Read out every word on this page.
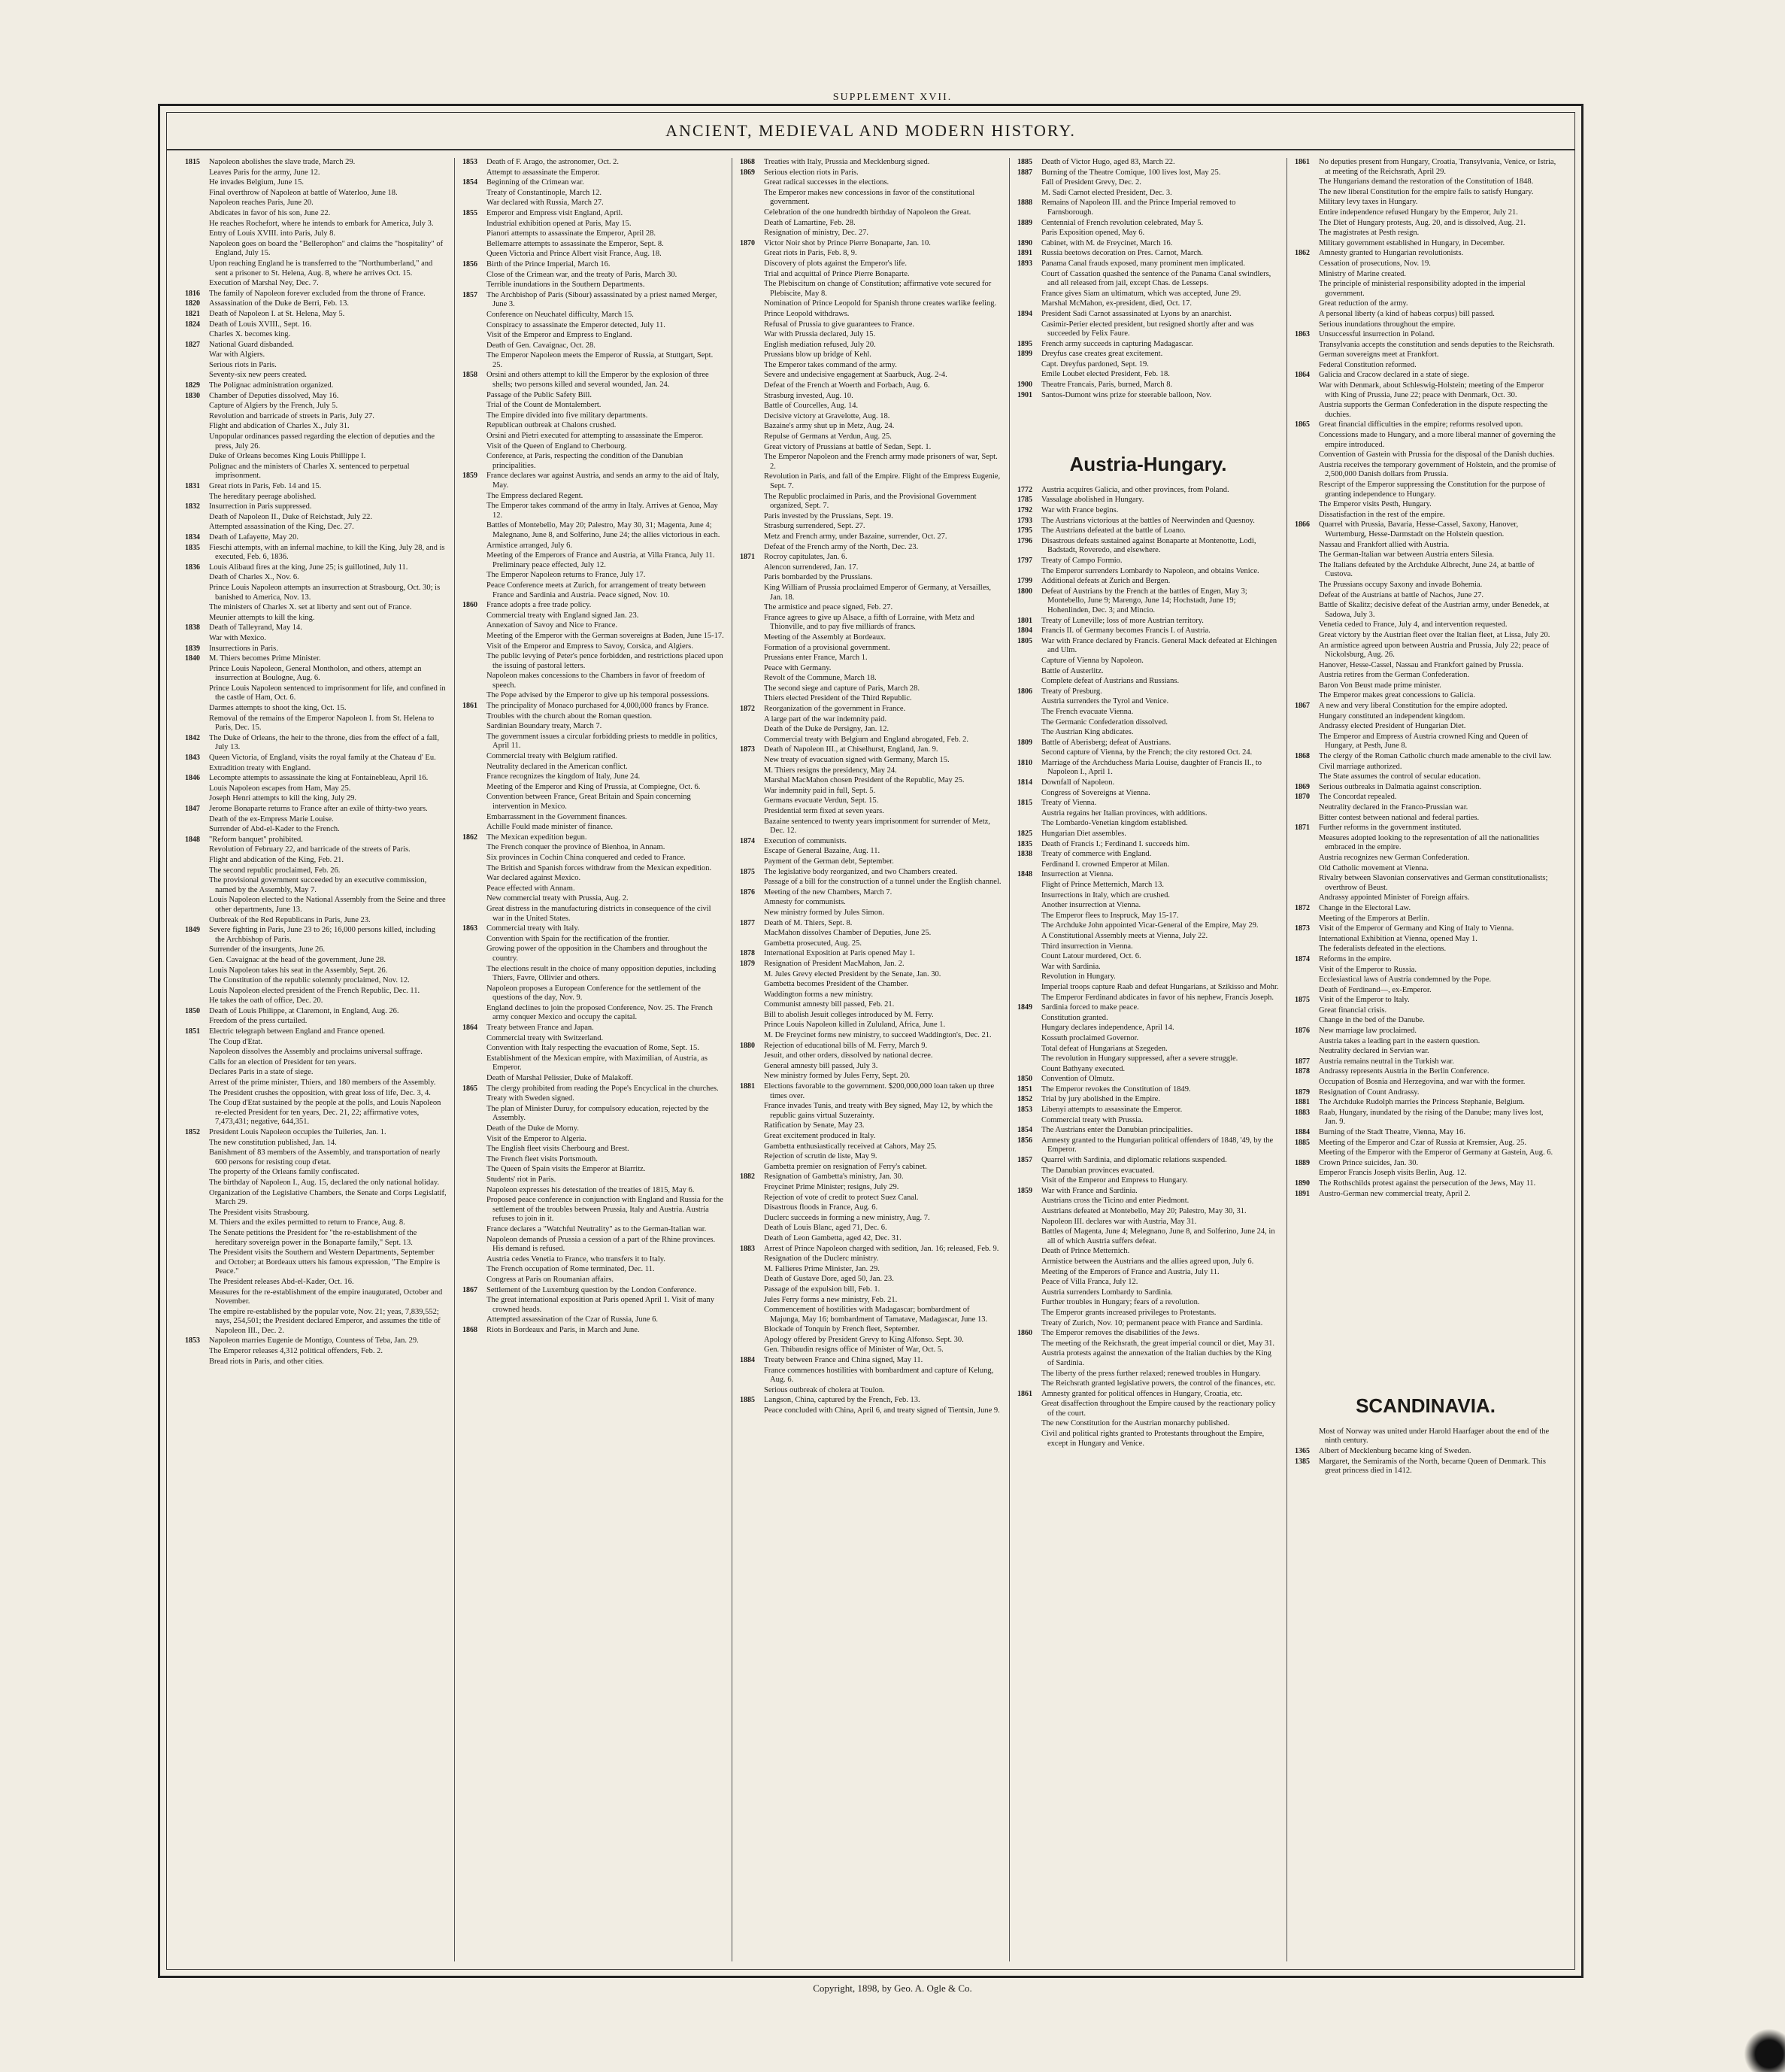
SUPPLEMENT XVII.
ANCIENT, MEDIEVAL AND MODERN HISTORY.
1815	Napoleon abolishes the slave trade, March 29.
Leaves Paris for the army, June 12.
He invades Belgium, June 15.
Final overthrow of Napoleon at battle of Waterloo, June 18.
Napoleon reaches Paris, June 20.
Abdicates in favor of his son, June 22.
He reaches Rochefort, where he intends to embark for America, July 3.
Entry of Louis XVIII. into Paris, July 8.
Napoleon goes on board the "Bellerophon" and claims the "hospitality" of England, July 15.
Upon reaching England he is transferred to the "Northumberland," and sent a prisoner to St. Helena, Aug. 8, where he arrives Oct. 15.
Execution of Marshal Ney, Dec. 7.
1816	The family of Napoleon forever excluded from the throne of France.
1820	Assassination of the Duke de Berri, Feb. 13.
1821	Death of Napoleon I. at St. Helena, May 5.
1824	Death of Louis XVIII., Sept. 16.
Charles X. becomes king.
1827	National Guard disbanded.
War with Algiers.
Serious riots in Paris.
Seventy-six new peers created.
1829	The Polignac administration organized.
1830	Chamber of Deputies dissolved, May 16.
Capture of Algiers by the French, July 5.
Revolution and barricade of streets in Paris, July 27.
Flight and abdication of Charles X., July 31.
Unpopular ordinances passed regarding the election of deputies and the press, July 26.
Duke of Orleans becomes King Louis Phillippe I.
Polignac and the ministers of Charles X. sentenced to perpetual imprisonment.
1831	Great riots in Paris, Feb. 14 and 15.
The hereditary peerage abolished.
1832	Insurrection in Paris suppressed.
Death of Napoleon II., Duke of Reichstadt, July 22.
Attempted assassination of the King, Dec. 27.
1834	Death of Lafayette, May 20.
1835	Fieschi attempts, with an infernal machine, to kill the King, July 28, and is executed, Feb. 6, 1836.
1836	Louis Alibaud fires at the king, June 25; is guillotined, July 11.
Death of Charles X., Nov. 6.
Prince Louis Napoleon attempts an insurrection at Strasbourg, Oct. 30; is banished to America, Nov. 13.
The ministers of Charles X. set at liberty and sent out of France.
Meunier attempts to kill the king.
1838	Death of Talleyrand, May 14.
War with Mexico.
1839	Insurrections in Paris.
1840	M. Thiers becomes Prime Minister.
Prince Louis Napoleon, General Montholon, and others, attempt an insurrection at Boulogne, Aug. 6.
Prince Louis Napoleon sentenced to imprisonment for life, and confined in the castle of Ham, Oct. 6.
Darmes attempts to shoot the king, Oct. 15.
Removal of the remains of the Emperor Napoleon I. from St. Helena to Paris, Dec. 15.
1842	The Duke of Orleans, the heir to the throne, dies from the effect of a fall, July 13.
1843	Queen Victoria, of England, visits the royal family at the Chateau d' Eu.
Extradition treaty with England.
1846	Lecompte attempts to assassinate the king at Fontainebleau, April 16.
Louis Napoleon escapes from Ham, May 25.
Joseph Henri attempts to kill the king, July 29.
1847	Jerome Bonaparte returns to France after an exile of thirty-two years.
Death of the ex-Empress Marie Louise.
Surrender of Abd-el-Kader to the French.
1848	"Reform banquet" prohibited.
Revolution of February 22, and barricade of the streets of Paris.
Flight and abdication of the King, Feb. 21.
The second republic proclaimed, Feb. 26.
The provisional government succeeded by an executive commission, named by the Assembly, May 7.
Louis Napoleon elected to the National Assembly from the Seine and three other departments, June 13.
Outbreak of the Red Republicans in Paris, June 23.
1849	Severe fighting in Paris, June 23 to 26; 16,000 persons killed, including the Archbishop of Paris.
Surrender of the insurgents, June 26.
Gen. Cavaignac at the head of the government, June 28.
Louis Napoleon takes his seat in the Assembly, Sept. 26.
The Constitution of the republic solemnly proclaimed, Nov. 12.
Louis Napoleon elected president of the French Republic, Dec. 11.
He takes the oath of office, Dec. 20.
1850	Death of Louis Philippe, at Claremont, in England, Aug. 26.
Freedom of the press curtailed.
1851	Electric telegraph between England and France opened.
The Coup d'Etat.
Napoleon dissolves the Assembly and proclaims universal suffrage.
Calls for an election of President for ten years.
Declares Paris in a state of siege.
Arrest of the prime minister, Thiers, and 180 members of the Assembly.
The President crushes the opposition, with great loss of life, Dec. 3, 4.
The Coup d'Etat sustained by the people at the polls, and Louis Napoleon re-elected President for ten years, Dec. 21, 22; affirmative votes, 7,473,431; negative, 644,351.
1852	President Louis Napoleon occupies the Tuileries, Jan. 1.
The new constitution published, Jan. 14.
Banishment of 83 members of the Assembly, and transportation of nearly 600 persons for resisting coup d'etat.
The property of the Orleans family confiscated.
The birthday of Napoleon I., Aug. 15, declared the only national holiday.
Organization of the Legislative Chambers, the Senate and Corps Legislatif, March 29.
The President visits Strasbourg.
M. Thiers and the exiles permitted to return to France, Aug. 8.
The Senate petitions the President for "the re-establishment of the hereditary sovereign power in the Bonaparte family," Sept. 13.
The President visits the Southern and Western Departments, September and October; at Bordeaux utters his famous expression, "The Empire is Peace."
The President releases Abd-el-Kader, Oct. 16.
Measures for the re-establishment of the empire inaugurated, October and November.
The empire re-established by the popular vote, Nov. 21; yeas, 7,839,552; nays, 254,501; the President declared Emperor, and assumes the title of Napoleon III., Dec. 2.
1853	Napoleon marries Eugenie de Montigo, Countess of Teba, Jan. 29.
The Emperor releases 4,312 political offenders, Feb. 2.
Bread riots in Paris, and other cities.
1853	Death of F. Arago, the astronomer, Oct. 2.
Attempt to assassinate the Emperor.
1854	Beginning of the Crimean war.
Treaty of Constantinople, March 12.
War declared with Russia, March 27.
1855	Emperor and Empress visit England, April.
Industrial exhibition opened at Paris, May 15.
Pianori attempts to assassinate the Emperor, April 28.
Bellemarre attempts to assassinate the Emperor, Sept. 8.
Queen Victoria and Prince Albert visit France, Aug. 18.
1856	Birth of the Prince Imperial, March 16.
Close of the Crimean war, and the treaty of Paris, March 30.
Terrible inundations in the Southern Departments.
1857	The Archbishop of Paris (Sibour) assassinated by a priest named Merger, June 3.
Conference on Neuchatel difficulty, March 15.
Conspiracy to assassinate the Emperor detected, July 11.
Visit of the Emperor and Empress to England.
Death of Gen. Cavaignac, Oct. 28.
The Emperor Napoleon meets the Emperor of Russia, at Stuttgart, Sept. 25.
1858	Orsini and others attempt to kill the Emperor by the explosion of three shells; two persons killed and several wounded, Jan. 24.
Passage of the Public Safety Bill.
Trial of the Count de Montalembert.
The Empire divided into five military departments.
Republican outbreak at Chalons crushed.
Orsini and Pietri executed for attempting to assassinate the Emperor.
Visit of the Queen of England to Cherbourg.
Conference, at Paris, respecting the condition of the Danubian principalities.
1859	France declares war against Austria, and sends an army to the aid of Italy, May.
The Empress declared Regent.
The Emperor takes command of the army in Italy. Arrives at Genoa, May 12.
Battles of Montebello, May 20; Palestro, May 30, 31; Magenta, June 4; Malegnano, June 8, and Solferino, June 24; the allies victorious in each.
Armistice arranged, July 6.
Meeting of the Emperors of France and Austria, at Villa Franca, July 11. Preliminary peace effected, July 12.
The Emperor Napoleon returns to France, July 17.
Peace Conference meets at Zurich, for arrangement of treaty between France and Sardinia and Austria. Peace signed, Nov. 10.
1860	France adopts a free trade policy.
Commercial treaty with England signed Jan. 23.
Annexation of Savoy and Nice to France.
Meeting of the Emperor with the German sovereigns at Baden, June 15-17.
Visit of the Emperor and Empress to Savoy, Corsica, and Algiers.
The public levying of Peter's pence forbidden, and restrictions placed upon the issuing of pastoral letters.
Napoleon makes concessions to the Chambers in favor of freedom of speech.
The Pope advised by the Emperor to give up his temporal possessions.
1861	The principality of Monaco purchased for 4,000,000 francs by France.
Troubles with the church about the Roman question.
Sardinian Boundary treaty, March 7.
The government issues a circular forbidding priests to meddle in politics, April 11.
Commercial treaty with Belgium ratified.
Neutrality declared in the American conflict.
France recognizes the kingdom of Italy, June 24.
Meeting of the Emperor and King of Prussia, at Compiegne, Oct. 6.
Convention between France, Great Britain and Spain concerning intervention in Mexico.
Embarrassment in the Government finances.
Achille Fould made minister of finance.
1862	The Mexican expedition begun.
The French conquer the province of Bienhoa, in Annam.
Six provinces in Cochin China conquered and ceded to France.
The British and Spanish forces withdraw from the Mexican expedition.
War declared against Mexico.
Peace effected with Annam.
New commercial treaty with Prussia, Aug. 2.
Great distress in the manufacturing districts in consequence of the civil war in the United States.
1863	Commercial treaty with Italy.
Convention with Spain for the rectification of the frontier.
Growing power of the opposition in the Chambers and throughout the country.
The elections result in the choice of many opposition deputies, including Thiers, Favre, Ollivier and others.
Napoleon proposes a European Conference for the settlement of the questions of the day, Nov. 9.
England declines to join the proposed Conference, Nov. 25. The French army conquer Mexico and occupy the capital.
1864	Treaty between France and Japan.
Commercial treaty with Switzerland.
Convention with Italy respecting the evacuation of Rome, Sept. 15.
Establishment of the Mexican empire, with Maximilian, of Austria, as Emperor.
Death of Marshal Pelissier, Duke of Malakoff.
1865	The clergy prohibited from reading the Pope's Encyclical in the churches.
Treaty with Sweden signed.
The plan of Minister Duruy, for compulsory education, rejected by the Assembly.
Death of the Duke de Morny.
Visit of the Emperor to Algeria.
The English fleet visits Cherbourg and Brest.
The French fleet visits Portsmouth.
The Queen of Spain visits the Emperor at Biarritz.
Students' riot in Paris.
Napoleon expresses his detestation of the treaties of 1815, May 6.
Proposed peace conference in conjunction with England and Russia for the settlement of the troubles between Prussia, Italy and Austria. Austria refuses to join in it.
France declares a "Watchful Neutrality" as to the German-Italian war.
Napoleon demands of Prussia a cession of a part of the Rhine provinces. His demand is refused.
Austria cedes Venetia to France, who transfers it to Italy.
The French occupation of Rome terminated, Dec. 11.
Congress at Paris on Roumanian affairs.
1867	Settlement of the Luxemburg question by the London Conference.
The great international exposition at Paris opened April 1. Visit of many crowned heads.
Attempted assassination of the Czar of Russia, June 6.
1868	Riots in Bordeaux and Paris, in March and June.
1868	Treaties with Italy, Prussia and Mecklenburg signed.
1869	Serious election riots in Paris.
Great radical successes in the elections.
The Emperor makes new concessions in favor of the constitutional government.
Celebration of the one hundredth birthday of Napoleon the Great.
Death of Lamartine, Feb. 28.
Resignation of ministry, Dec. 27.
1870	Victor Noir shot by Prince Pierre Bonaparte, Jan. 10.
Great riots in Paris, Feb. 8, 9.
Discovery of plots against the Emperor's life.
Trial and acquittal of Prince Pierre Bonaparte.
The Plebiscitum on change of Constitution; affirmative vote secured for Plebiscite, May 8.
Nomination of Prince Leopold for Spanish throne creates warlike feeling.
Prince Leopold withdraws.
Refusal of Prussia to give guarantees to France.
War with Prussia declared, July 15.
English mediation refused, July 20.
Prussians blow up bridge of Kehl.
The Emperor takes command of the army.
Severe and undecisive engagement at Saarbuck, Aug. 2-4.
Defeat of the French at Woerth and Forbach, Aug. 6.
Strasburg invested, Aug. 10.
Battle of Courcelles, Aug. 14.
Decisive victory at Gravelotte, Aug. 18.
Bazaine's army shut up in Metz, Aug. 24.
Repulse of Germans at Verdun, Aug. 25.
Great victory of Prussians at battle of Sedan, Sept. 1.
The Emperor Napoleon and the French army made prisoners of war, Sept. 2.
Revolution in Paris, and fall of the Empire. Flight of the Empress Eugenie, Sept. 7.
The Republic proclaimed in Paris, and the Provisional Government organized, Sept. 7.
Paris invested by the Prussians, Sept. 19.
Strasburg surrendered, Sept. 27.
Metz and French army, under Bazaine, surrender, Oct. 27.
Defeat of the French army of the North, Dec. 23.
1871	Rocroy capitulates, Jan. 6.
Alencon surrendered, Jan. 17.
Paris bombarded by the Prussians.
King William of Prussia proclaimed Emperor of Germany, at Versailles, Jan. 18.
The armistice and peace signed, Feb. 27.
France agrees to give up Alsace, a fifth of Lorraine, with Metz and Thionville, and to pay five milliards of francs.
Meeting of the Assembly at Bordeaux.
Formation of a provisional government.
Prussians enter France, March 1.
Peace with Germany.
Revolt of the Commune, March 18.
The second siege and capture of Paris, March 28.
Thiers elected President of the Third Republic.
1872	Reorganization of the government in France.
A large part of the war indemnity paid.
Death of the Duke de Persigny, Jan. 12.
Commercial treaty with Belgium and England abrogated, Feb. 2.
1873	Death of Napoleon III., at Chiselhurst, England, Jan. 9.
New treaty of evacuation signed with Germany, March 15.
M. Thiers resigns the presidency, May 24.
Marshal MacMahon chosen President of the Republic, May 25.
War indemnity paid in full, Sept. 5.
Germans evacuate Verdun, Sept. 15.
Presidential term fixed at seven years.
Bazaine sentenced to twenty years imprisonment for surrender of Metz, Dec. 12.
1874	Execution of communists.
Escape of General Bazaine, Aug. 11.
Payment of the German debt, September.
1875	The legislative body reorganized, and two Chambers created.
Passage of a bill for the construction of a tunnel under the English channel.
1876	Meeting of the new Chambers, March 7.
Amnesty for communists.
New ministry formed by Jules Simon.
1877	Death of M. Thiers, Sept. 8.
MacMahon dissolves Chamber of Deputies, June 25.
Gambetta prosecuted, Aug. 25.
1878	International Exposition at Paris opened May 1.
1879	Resignation of President MacMahon, Jan. 2.
M. Jules Grevy elected President by the Senate, Jan. 30.
Gambetta becomes President of the Chamber.
Waddington forms a new ministry.
Communist amnesty bill passed, Feb. 21.
Bill to abolish Jesuit colleges introduced by M. Ferry.
Prince Louis Napoleon killed in Zululand, Africa, June 1.
M. De Freycinet forms new ministry, to succeed Waddington's, Dec. 21.
1880	Rejection of educational bills of M. Ferry, March 9.
Jesuit, and other orders, dissolved by national decree.
General amnesty bill passed, July 3.
New ministry formed by Jules Ferry, Sept. 20.
1881	Elections favorable to the government. $200,000,000 loan taken up three times over.
France invades Tunis, and treaty with Bey signed, May 12, by which the republic gains virtual Suzerainty.
Ratification by Senate, May 23.
Great excitement produced in Italy.
Gambetta enthusiastically received at Cahors, May 25.
Rejection of scrutin de liste, May 9.
Gambetta premier on resignation of Ferry's cabinet.
1882	Resignation of Gambetta's ministry, Jan. 30.
Freycinet Prime Minister; resigns, July 29.
Rejection of vote of credit to protect Suez Canal.
Disastrous floods in France, Aug. 6.
Duclerc succeeds in forming a new ministry, Aug. 7.
Death of Louis Blanc, aged 71, Dec. 6.
Death of Leon Gambetta, aged 42, Dec. 31.
1883	Arrest of Prince Napoleon charged with sedition, Jan. 16; released, Feb. 9.
Resignation of the Duclerc ministry.
M. Fallieres Prime Minister, Jan. 29.
Death of Gustave Dore, aged 50, Jan. 23.
Passage of the expulsion bill, Feb. 1.
Jules Ferry forms a new ministry, Feb. 21.
Commencement of hostilities with Madagascar; bombardment of Majunga, May 16; bombardment of Tamatave, Madagascar, June 13.
Blockade of Tonquin by French fleet, September.
Apology offered by President Grevy to King Alfonso. Sept. 30.
Gen. Thibaudin resigns office of Minister of War, Oct. 5.
1884	Treaty between France and China signed, May 11.
France commences hostilities with bombardment and capture of Kelung, Aug. 6.
Serious outbreak of cholera at Toulon.
1885	Langson, China, captured by the French, Feb. 13.
Peace concluded with China, April 6, and treaty signed of Tientsin, June 9.
1885	Death of Victor Hugo, aged 83, March 22.
1887	Burning of the Theatre Comique, 100 lives lost, May 25.
Fall of President Grevy, Dec. 2.
M. Sadi Carnot elected President, Dec. 3.
1888	Remains of Napoleon III. and the Prince Imperial removed to Farnsborough.
1889	Centennial of French revolution celebrated, May 5.
Paris Exposition opened, May 6.
1890	Cabinet, with M. de Freycinet, March 16.
1891	Russia beetows decoration on Pres. Carnot, March.
1893	Panama Canal frauds exposed, many prominent men implicated.
Court of Cassation quashed the sentence of the Panama Canal swindlers, and all released from jail, except Chas. de Lesseps.
France gives Siam an ultimatum, which was accepted, June 29.
Marshal McMahon, ex-president, died, Oct. 17.
1894	President Sadi Carnot assassinated at Lyons by an anarchist.
Casimir-Perier elected president, but resigned shortly after and was succeeded by Felix Faure.
1895	French army succeeds in capturing Madagascar.
1899	Dreyfus case creates great excitement.
Capt. Dreyfus pardoned, Sept. 19.
Emile Loubet elected President, Feb. 18.
1900	Theatre Francais, Paris, burned, March 8.
1901	Santos-Dumont wins prize for steerable balloon, Nov.
Austria-Hungary.
1772	Austria acquires Galicia, and other provinces, from Poland.
1785	Vassalage abolished in Hungary.
1792	War with France begins.
1793	The Austrians victorious at the battles of Neerwinden and Quesnoy.
1795	The Austrians defeated at the battle of Loano.
1796	Disastrous defeats sustained against Bonaparte at Montenotte, Lodi, Badstadt, Roveredo, and elsewhere.
1797	Treaty of Campo Formio.
The Emperor surrenders Lombardy to Napoleon, and obtains Venice.
1799	Additional defeats at Zurich and Bergen.
1800	Defeat of Austrians by the French at the battles of Engen, May 3; Montebello, June 9; Marengo, June 14; Hochstadt, June 19; Hohenlinden, Dec. 3; and Mincio.
1801	Treaty of Luneville; loss of more Austrian territory.
1804	Francis II. of Germany becomes Francis I. of Austria.
1805	War with France declared by Francis. General Mack defeated at Elchingen and Ulm.
Capture of Vienna by Napoleon.
Battle of Austerlitz.
Complete defeat of Austrians and Russians.
1806	Treaty of Presburg.
Austria surrenders the Tyrol and Venice.
The French evacuate Vienna.
The Germanic Confederation dissolved.
The Austrian King abdicates.
1809	Battle of Aberisberg; defeat of Austrians.
Second capture of Vienna, by the French; the city restored Oct. 24.
1810	Marriage of the Archduchess Maria Louise, daughter of Francis II., to Napoleon I., April 1.
1814	Downfall of Napoleon.
Congress of Sovereigns at Vienna.
1815	Treaty of Vienna.
Austria regains her Italian provinces, with additions.
The Lombardo-Venetian kingdom established.
1825	Hungarian Diet assembles.
1835	Death of Francis I.; Ferdinand I. succeeds him.
1838	Treaty of commerce with England.
Ferdinand I. crowned Emperor at Milan.
1848	Insurrection at Vienna.
Flight of Prince Metternich, March 13.
Insurrections in Italy, which are crushed.
Another insurrection at Vienna.
The Emperor flees to Inspruck, May 15-17.
The Archduke John appointed Vicar-General of the Empire, May 29.
A Constitutional Assembly meets at Vienna, July 22.
Third insurrection in Vienna.
Count Latour murdered, Oct. 6.
War with Sardinia.
Revolution in Hungary.
Imperial troops capture Raab and defeat Hungarians, at Szikisso and Mohr.
The Emperor Ferdinand abdicates in favor of his nephew, Francis Joseph.
1849	Sardinia forced to make peace.
Constitution granted.
Hungary declares independence, April 14.
Kossuth proclaimed Governor.
Total defeat of Hungarians at Szegeden.
The revolution in Hungary suppressed, after a severe struggle.
Count Bathyany executed.
1850	Convention of Olmutz.
1851	The Emperor revokes the Constitution of 1849.
1852	Trial by jury abolished in the Empire.
1853	Libenyi attempts to assassinate the Emperor.
Commercial treaty with Prussia.
1854	The Austrians enter the Danubian principalities.
1856	Amnesty granted to the Hungarian political offenders of 1848, '49, by the Emperor.
1857	Quarrel with Sardinia, and diplomatic relations suspended.
The Danubian provinces evacuated.
Visit of the Emperor and Empress to Hungary.
1859	War with France and Sardinia.
Austrians cross the Ticino and enter Piedmont.
Austrians defeated at Montebello, May 20; Palestro, May 30, 31.
Napoleon III. declares war with Austria, May 31.
Battles of Magenta, June 4; Melegnano, June 8, and Solferino, June 24, in all of which Austria suffers defeat.
Death of Prince Metternich.
Armistice between the Austrians and the allies agreed upon, July 6.
Meeting of the Emperors of France and Austria, July 11.
Peace of Villa Franca, July 12.
Austria surrenders Lombardy to Sardinia.
Further troubles in Hungary; fears of a revolution.
The Emperor grants increased privileges to Protestants.
Treaty of Zurich, Nov. 10; permanent peace with France and Sardinia.
1860	The Emperor removes the disabilities of the Jews.
The meeting of the Reichsrath, the great imperial council or diet, May 31.
Austria protests against the annexation of the Italian duchies by the King of Sardinia.
The liberty of the press further relaxed; renewed troubles in Hungary.
The Reichsrath granted legislative powers, the control of the finances, etc.
1861	Amnesty granted for political offences in Hungary, Croatia, etc.
Great disaffection throughout the Empire caused by the reactionary policy of the court.
The new Constitution for the Austrian monarchy published.
Civil and political rights granted to Protestants throughout the Empire, except in Hungary and Venice.
1861	No deputies present from Hungary, Croatia, Transylvania, Venice, or Istria, at meeting of the Reichsrath, April 29.
The Hungarians demand the restoration of the Constitution of 1848.
The new liberal Constitution for the empire fails to satisfy Hungary.
Military levy taxes in Hungary.
Entire independence refused Hungary by the Emperor, July 21.
The Diet of Hungary protests, Aug. 20, and is dissolved, Aug. 21.
The magistrates at Pesth resign.
Military government established in Hungary, in December.
1862	Amnesty granted to Hungarian revolutionists.
Cessation of prosecutions, Nov. 19.
Ministry of Marine created.
The principle of ministerial responsibility adopted in the imperial government.
Great reduction of the army.
A personal liberty (a kind of habeas corpus) bill passed.
Serious inundations throughout the empire.
1863	Unsuccessful insurrection in Poland.
Transylvania accepts the constitution and sends deputies to the Reichsrath.
German sovereigns meet at Frankfort.
Federal Constitution reformed.
1864	Galicia and Cracow declared in a state of siege.
War with Denmark, about Schleswig-Holstein; meeting of the Emperor with King of Prussia, June 22; peace with Denmark, Oct. 30.
Austria supports the German Confederation in the dispute respecting the duchies.
1865	Great financial difficulties in the empire; reforms resolved upon.
Concessions made to Hungary, and a more liberal manner of governing the empire introduced.
Convention of Gastein with Prussia for the disposal of the Danish duchies.
Austria receives the temporary government of Holstein, and the promise of 2,500,000 Danish dollars from Prussia.
Rescript of the Emperor suppressing the Constitution for the purpose of granting independence to Hungary.
The Emperor visits Pesth, Hungary.
Dissatisfaction in the rest of the empire.
1866	Quarrel with Prussia, Bavaria, Hesse-Cassel, Saxony, Hanover, Wurtemburg, Hesse-Darmstadt on the Holstein question.
Nassau and Frankfort allied with Austria.
The German-Italian war between Austria enters Silesia.
The Italians defeated by the Archduke Albrecht, June 24, at battle of Custova.
The Prussians occupy Saxony and invade Bohemia.
Defeat of the Austrians at battle of Nachos, June 27.
Battle of Skalitz; decisive defeat of the Austrian army, under Benedek, at Sadowa, July 3.
Venetia ceded to France, July 4, and intervention requested.
Great victory by the Austrian fleet over the Italian fleet, at Lissa, July 20.
An armistice agreed upon between Austria and Prussia, July 22; peace of Nickolsburg, Aug. 26.
Hanover, Hesse-Cassel, Nassau and Frankfort gained by Prussia.
Austria retires from the German Confederation.
Baron Von Beust made prime minister.
The Emperor makes great concessions to Galicia.
1867	A new and very liberal Constitution for the empire adopted.
Hungary constituted an independent kingdom.
Andrassy elected President of Hungarian Diet.
The Emperor and Empress of Austria crowned King and Queen of Hungary, at Pesth, June 8.
1868	The clergy of the Roman Catholic church made amenable to the civil law.
Civil marriage authorized.
The State assumes the control of secular education.
1869	Serious outbreaks in Dalmatia against conscription.
1870	The Concordat repealed.
Neutrality declared in the Franco-Prussian war.
Bitter contest between national and federal parties.
1871	Further reforms in the government instituted.
Measures adopted looking to the representation of all the nationalities embraced in the empire.
Austria recognizes new German Confederation.
Old Catholic movement at Vienna.
Rivalry between Slavonian conservatives and German constitutionalists; overthrow of Beust.
Andrassy appointed Minister of Foreign affairs.
1872	Change in the Electoral Law.
Meeting of the Emperors at Berlin.
1873	Visit of the Emperor of Germany and King of Italy to Vienna.
International Exhibition at Vienna, opened May 1.
The federalists defeated in the elections.
1874	Reforms in the empire.
Visit of the Emperor to Russia.
Ecclesiastical laws of Austria condemned by the Pope.
Death of Ferdinand—, ex-Emperor.
1875	Visit of the Emperor to Italy.
Great financial crisis.
Change in the bed of the Danube.
1876	New marriage law proclaimed.
Austria takes a leading part in the eastern question.
Neutrality declared in Servian war.
1877	Austria remains neutral in the Turkish war.
1878	Andrassy represents Austria in the Berlin Conference.
Occupation of Bosnia and Herzegovina, and war with the former.
1879	Resignation of Count Andrassy.
1881	The Archduke Rudolph marries the Princess Stephanie, Belgium.
1883	Raab, Hungary, inundated by the rising of the Danube; many lives lost, Jan. 9.
1884	Burning of the Stadt Theatre, Vienna, May 16.
1885	Meeting of the Emperor and Czar of Russia at Kremsier, Aug. 25.
Meeting of the Emperor with the Emperor of Germany at Gastein, Aug. 6.
1889	Crown Prince suicides, Jan. 30.
Emperor Francis Joseph visits Berlin, Aug. 12.
1890	The Rothschilds protest against the persecution of the Jews, May 11.
1891	Austro-German new commercial treaty, April 2.
SCANDINAVIA.
Most of Norway was united under Harold Haarfager about the end of the ninth century.
1365	Albert of Mecklenburg became king of Sweden.
1385	Margaret, the Semiramis of the North, became Queen of Denmark. This great princess died in 1412.
Copyright, 1898, by Geo. A. Ogle & Co.
